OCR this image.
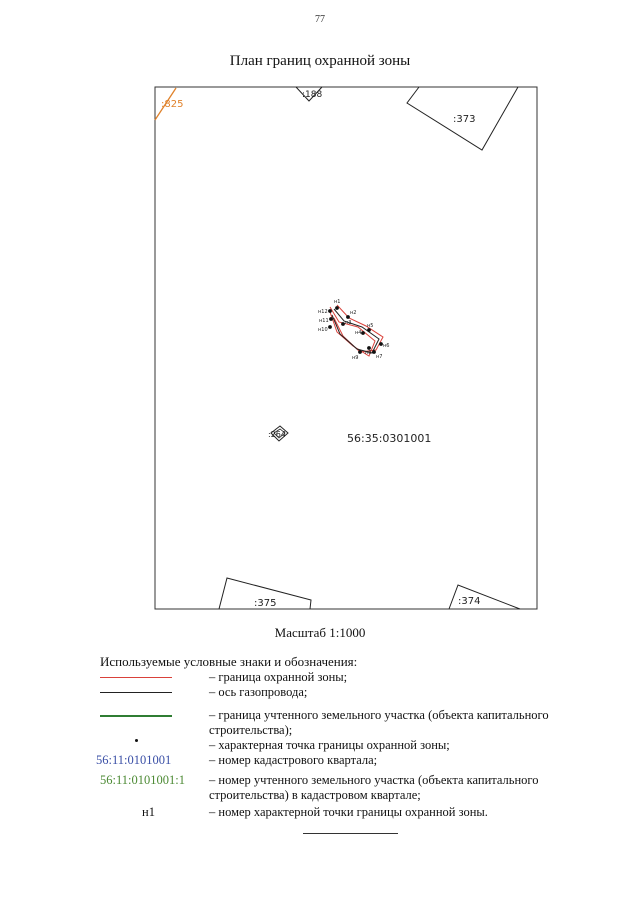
77
План границ охранной зоны
:825
:188
:373
н1
н2
н3
н4
н5
н6
н7
н8
н9
н10
н11
н12
:264	56:35:0301001
:375	:374
Масштаб 1:1000
Используемые условные знаки и обозначения:
– граница охранной зоны;
– ось газопровода;
– граница учтенного земельного участка (объекта капитального строительства);
– характерная точка границы охранной зоны;
56:11:0101001	– номер кадастрового квартала;
56:11:0101001:1	– номер учтенного земельного участка (объекта капитального строительства) в кадастровом квартале;
н1	– номер характерной точки границы охранной зоны.
